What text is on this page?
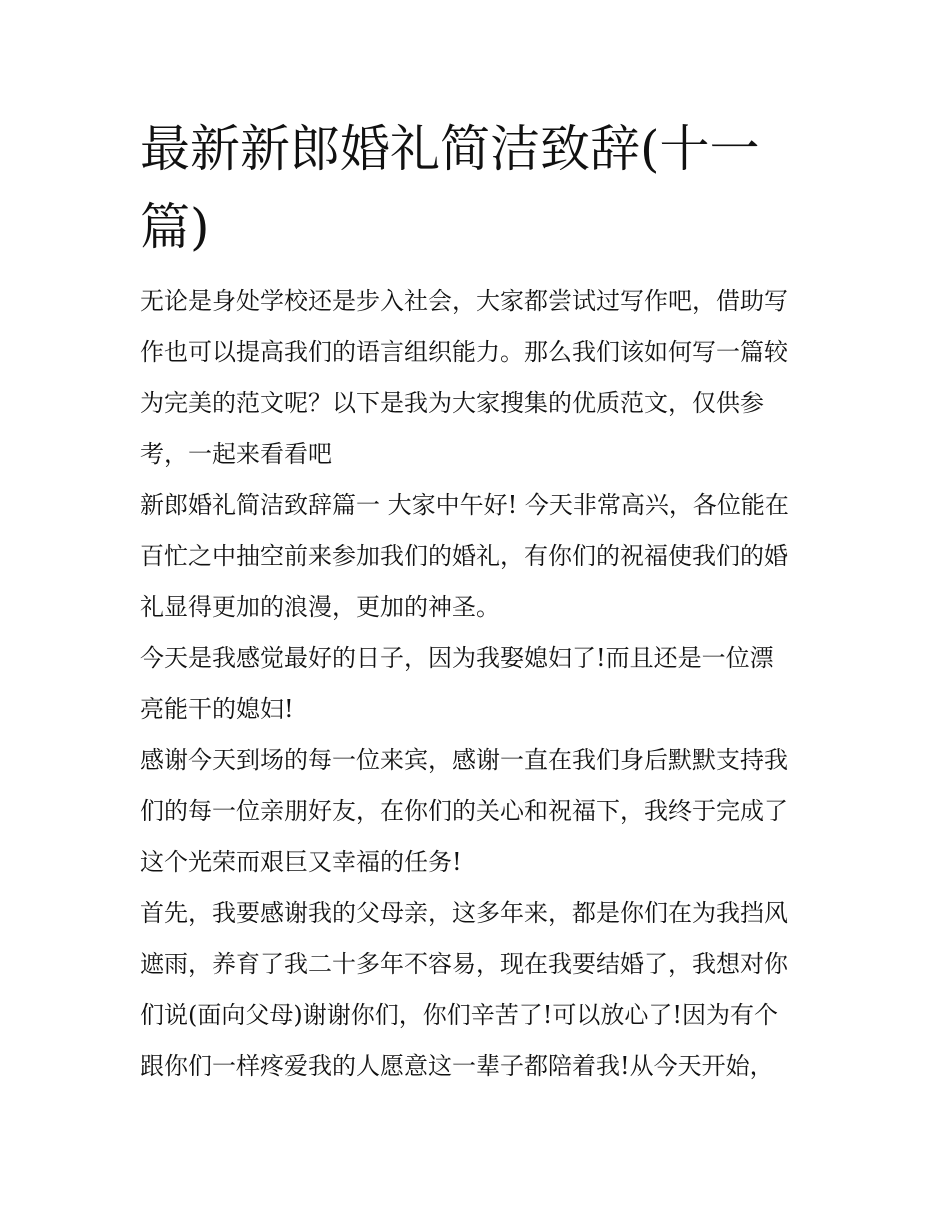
最新新郎婚礼简洁致辞(十一
篇)
无论是身处学校还是步入社会，大家都尝试过写作吧，借助写
作也可以提高我们的语言组织能力。那么我们该如何写一篇较
为完美的范文呢？以下是我为大家搜集的优质范文，仅供参
考，一起来看看吧
新郎婚礼简洁致辞篇一 大家中午好! 今天非常高兴，各位能在
百忙之中抽空前来参加我们的婚礼，有你们的祝福使我们的婚
礼显得更加的浪漫，更加的神圣。
今天是我感觉最好的日子，因为我娶媳妇了!而且还是一位漂
亮能干的媳妇!
感谢今天到场的每一位来宾，感谢一直在我们身后默默支持我
们的每一位亲朋好友，在你们的关心和祝福下，我终于完成了
这个光荣而艰巨又幸福的任务!
首先，我要感谢我的父母亲，这多年来，都是你们在为我挡风
遮雨，养育了我二十多年不容易，现在我要结婚了，我想对你
们说(面向父母)谢谢你们，你们辛苦了!可以放心了!因为有个
跟你们一样疼爱我的人愿意这一辈子都陪着我!从今天开始，
